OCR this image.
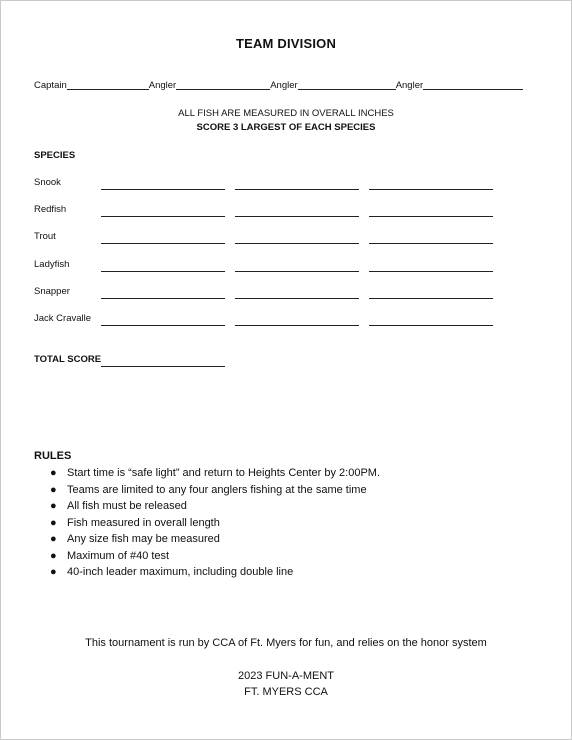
TEAM DIVISION
Captain	Angler	Angler	Angler
ALL FISH ARE MEASURED IN OVERALL INCHES
SCORE 3 LARGEST OF EACH SPECIES
SPECIES
Snook
Redfish
Trout
Ladyfish
Snapper
Jack Cravalle
TOTAL SCORE
RULES
● Start time is “safe light” and return to Heights Center by 2:00PM.
● Teams are limited to any four anglers fishing at the same time
● All fish must be released
● Fish measured in overall length
● Any size fish may be measured
● Maximum of #40 test
● 40-inch leader maximum, including double line
This tournament is run by CCA of Ft. Myers for fun, and relies on the honor system
2023 FUN-A-MENT
FT. MYERS CCA
